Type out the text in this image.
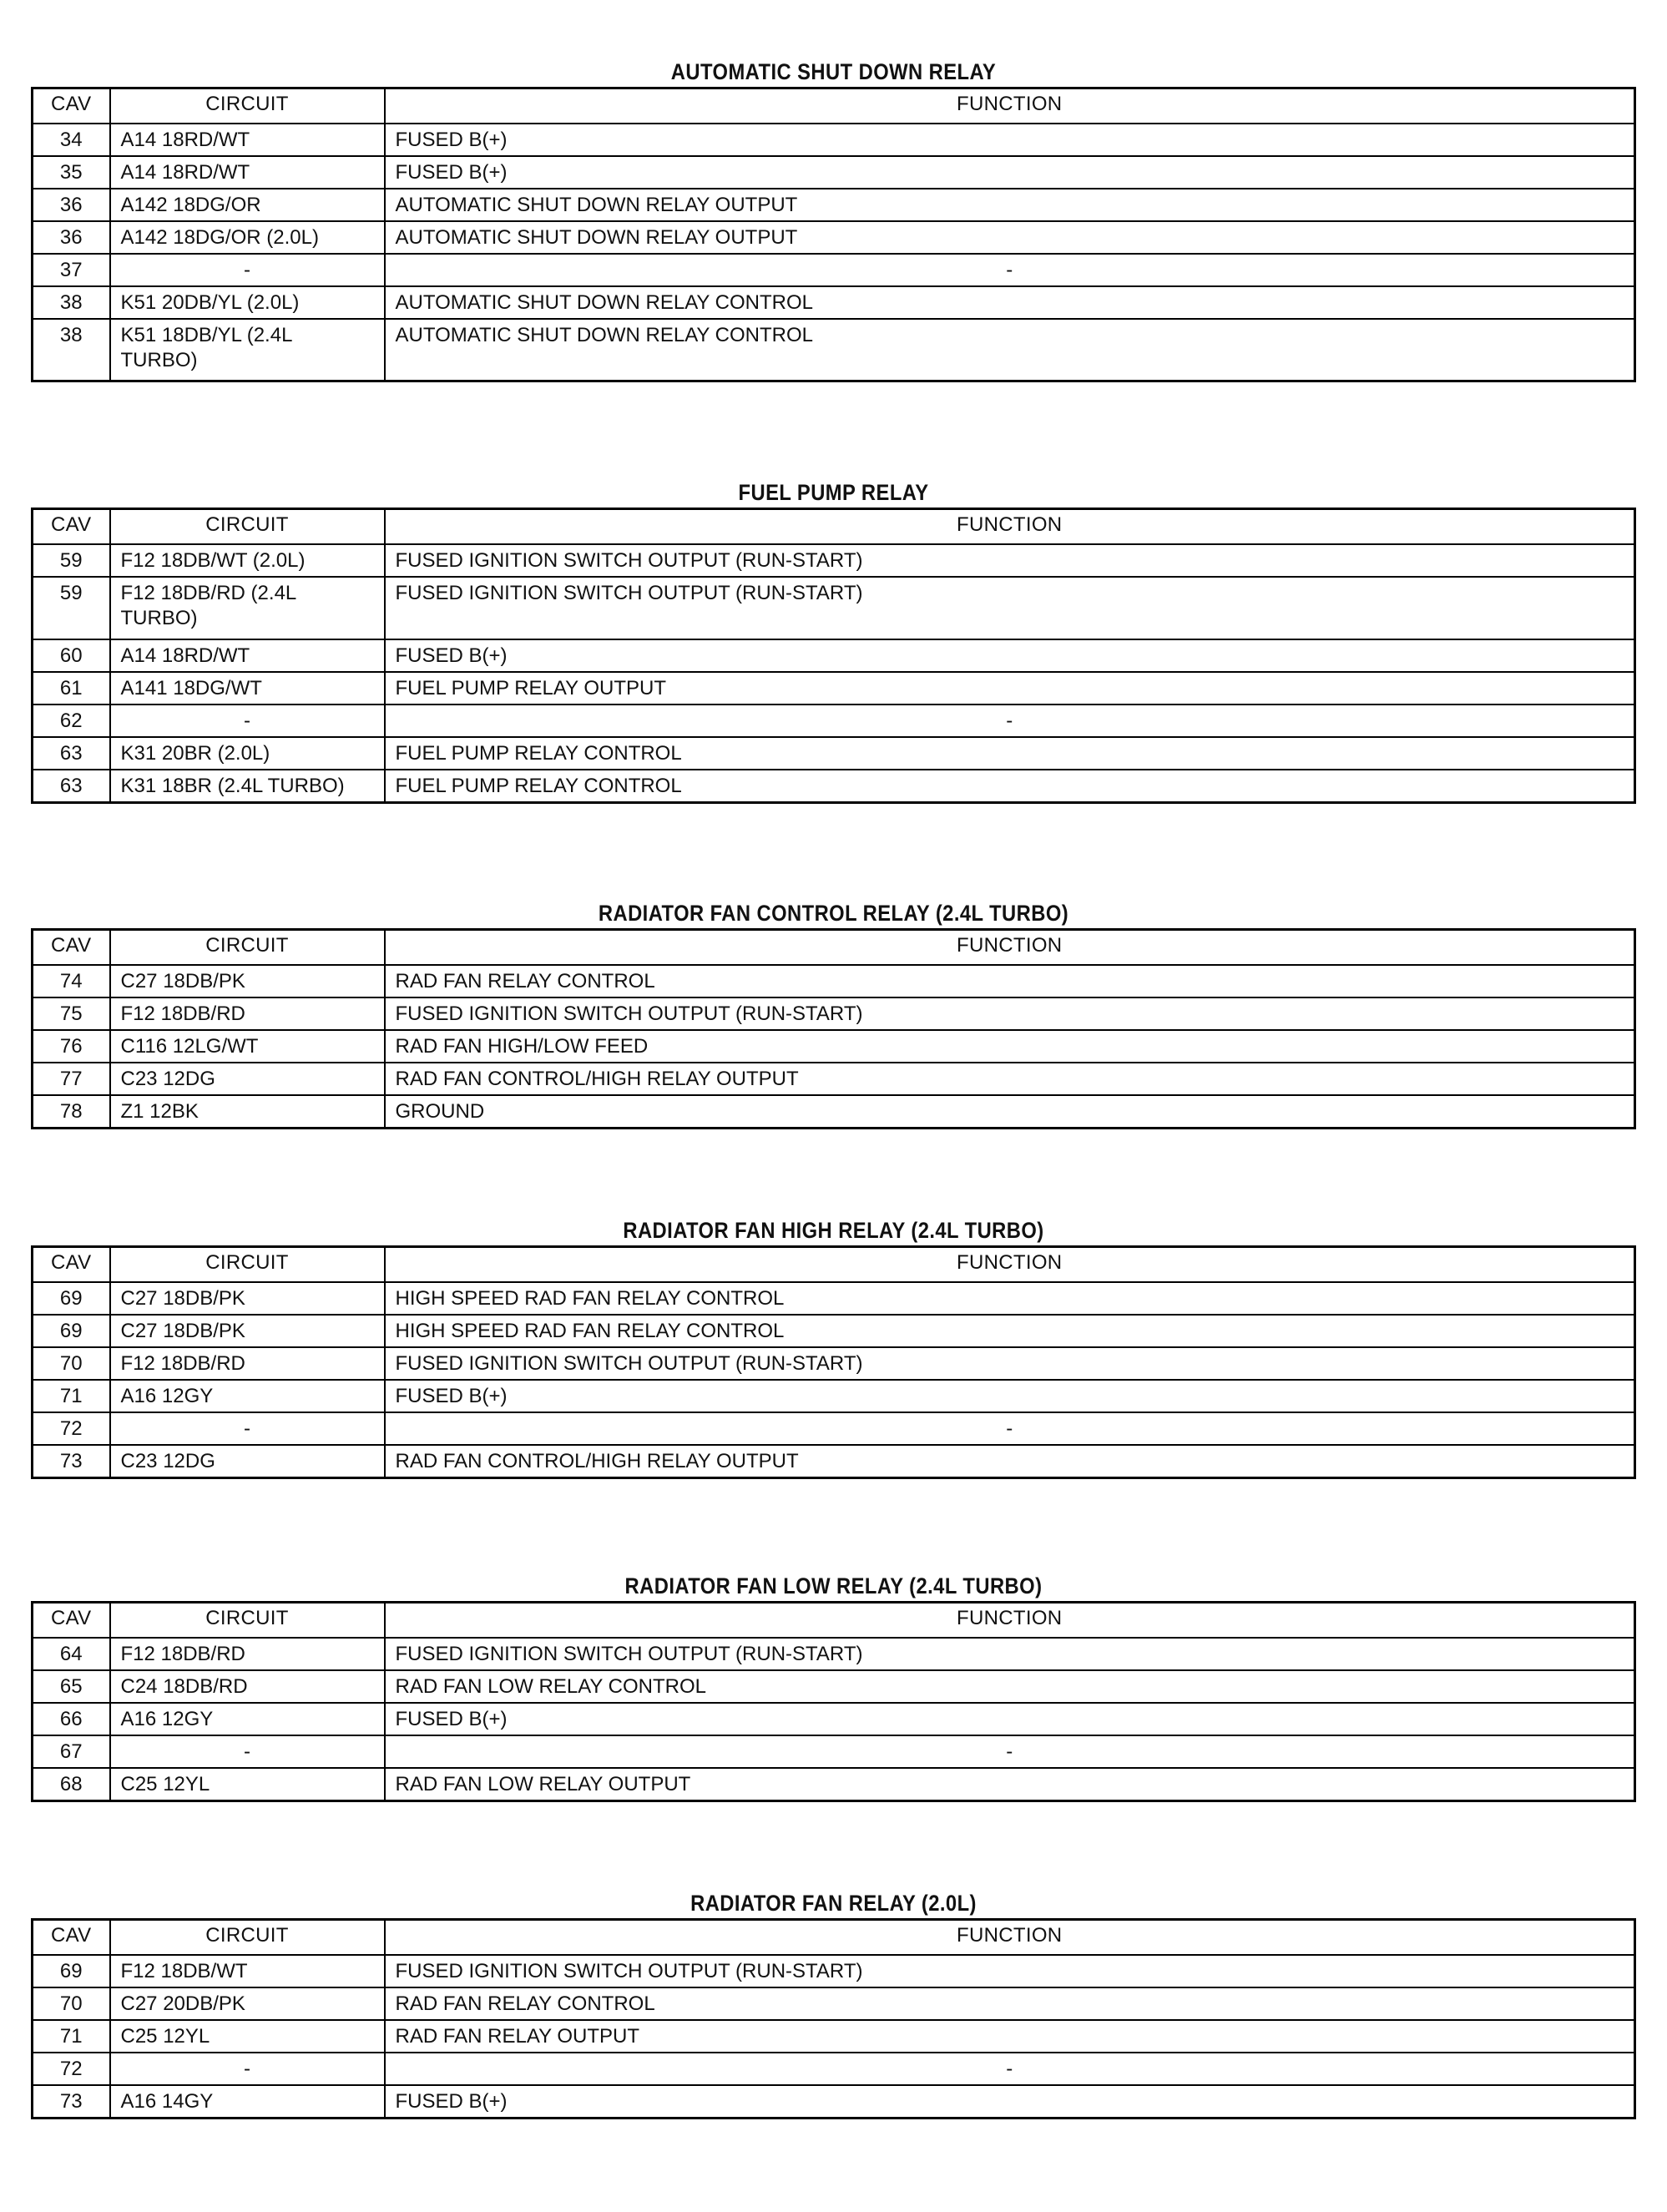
AUTOMATIC SHUT DOWN RELAY
CAV	CIRCUIT	FUNCTION
34	A14 18RD/WT	FUSED B(+)
35	A14 18RD/WT	FUSED B(+)
36	A142 18DG/OR	AUTOMATIC SHUT DOWN RELAY OUTPUT
36	A142 18DG/OR (2.0L)	AUTOMATIC SHUT DOWN RELAY OUTPUT
37	-	-
38	K51 20DB/YL (2.0L)	AUTOMATIC SHUT DOWN RELAY CONTROL
38	K51 18DB/YL (2.4L TURBO)	AUTOMATIC SHUT DOWN RELAY CONTROL
FUEL PUMP RELAY
CAV	CIRCUIT	FUNCTION
59	F12 18DB/WT (2.0L)	FUSED IGNITION SWITCH OUTPUT (RUN-START)
59	F12 18DB/RD (2.4L TURBO)	FUSED IGNITION SWITCH OUTPUT (RUN-START)
60	A14 18RD/WT	FUSED B(+)
61	A141 18DG/WT	FUEL PUMP RELAY OUTPUT
62	-	-
63	K31 20BR (2.0L)	FUEL PUMP RELAY CONTROL
63	K31 18BR (2.4L TURBO)	FUEL PUMP RELAY CONTROL
RADIATOR FAN CONTROL RELAY (2.4L TURBO)
CAV	CIRCUIT	FUNCTION
74	C27 18DB/PK	RAD FAN RELAY CONTROL
75	F12 18DB/RD	FUSED IGNITION SWITCH OUTPUT (RUN-START)
76	C116 12LG/WT	RAD FAN HIGH/LOW FEED
77	C23 12DG	RAD FAN CONTROL/HIGH RELAY OUTPUT
78	Z1 12BK	GROUND
RADIATOR FAN HIGH RELAY (2.4L TURBO)
CAV	CIRCUIT	FUNCTION
69	C27 18DB/PK	HIGH SPEED RAD FAN RELAY CONTROL
69	C27 18DB/PK	HIGH SPEED RAD FAN RELAY CONTROL
70	F12 18DB/RD	FUSED IGNITION SWITCH OUTPUT (RUN-START)
71	A16 12GY	FUSED B(+)
72	-	-
73	C23 12DG	RAD FAN CONTROL/HIGH RELAY OUTPUT
RADIATOR FAN LOW RELAY (2.4L TURBO)
CAV	CIRCUIT	FUNCTION
64	F12 18DB/RD	FUSED IGNITION SWITCH OUTPUT (RUN-START)
65	C24 18DB/RD	RAD FAN LOW RELAY CONTROL
66	A16 12GY	FUSED B(+)
67	-	-
68	C25 12YL	RAD FAN LOW RELAY OUTPUT
RADIATOR FAN RELAY (2.0L)
CAV	CIRCUIT	FUNCTION
69	F12 18DB/WT	FUSED IGNITION SWITCH OUTPUT (RUN-START)
70	C27 20DB/PK	RAD FAN RELAY CONTROL
71	C25 12YL	RAD FAN RELAY OUTPUT
72	-	-
73	A16 14GY	FUSED B(+)
